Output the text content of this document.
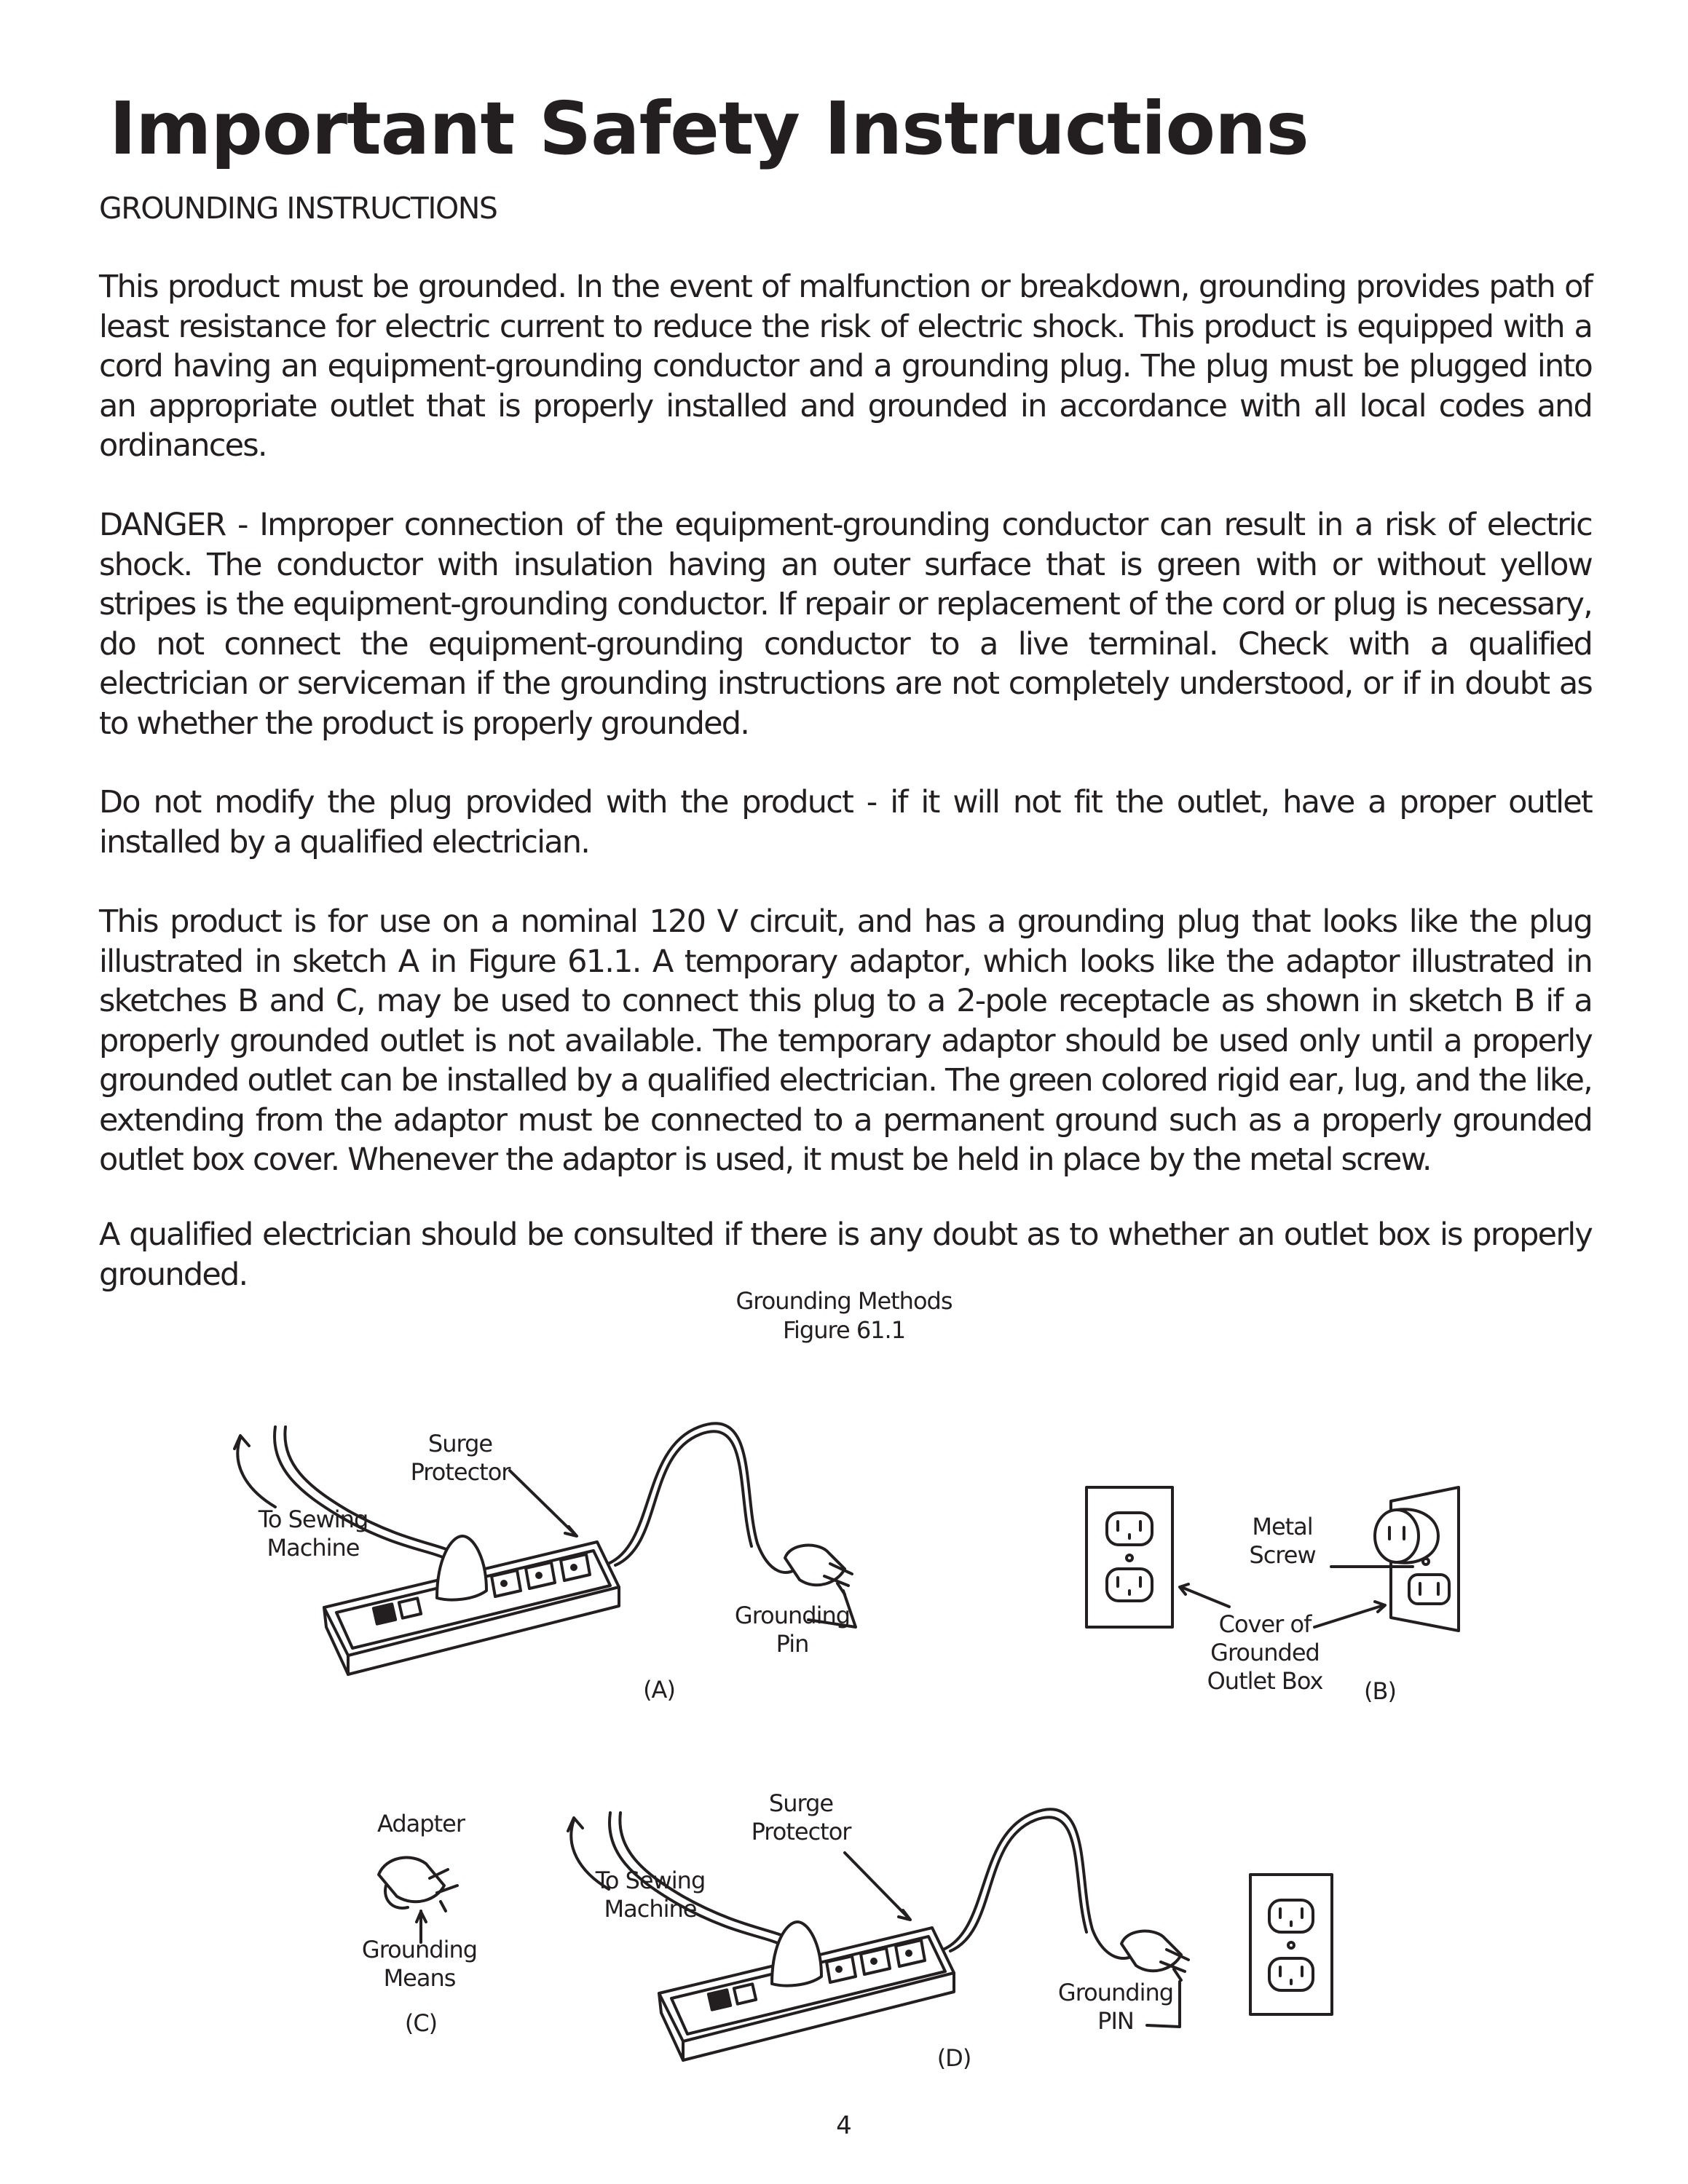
Important Safety Instructions
GROUNDING INSTRUCTIONS

This product must be grounded. In the event of malfunction or breakdown, grounding provides path of least resistance for electric current to reduce the risk of electric shock. This product is equipped with a cord having an equipment-grounding conductor and a grounding plug. The plug must be plugged into an appropriate outlet that is properly installed and grounded in accordance with all local codes and ordinances.

DANGER - Improper connection of the equipment-grounding conductor can result in a risk of electric shock. The conductor with insulation having an outer surface that is green with or without yellow stripes is the equipment-grounding conductor. If repair or replacement of the cord or plug is necessary, do not connect the equipment-grounding conductor to a live terminal. Check with a qualified electrician or serviceman if the grounding instructions are not completely understood, or if in doubt as to whether the product is properly grounded.

Do not modify the plug provided with the product - if it will not fit the outlet, have a proper outlet installed by a qualified electrician.

This product is for use on a nominal 120 V circuit, and has a grounding plug that looks like the plug illustrated in sketch A in Figure 61.1. A temporary adaptor, which looks like the adaptor illustrated in sketches B and C, may be used to connect this plug to a 2-pole receptacle as shown in sketch B if a properly grounded outlet is not available. The temporary adaptor should be used only until a properly grounded outlet can be installed by a qualified electrician. The green colored rigid ear, lug, and the like, extending from the adaptor must be connected to a permanent ground such as a properly grounded outlet box cover. Whenever the adaptor is used, it must be held in place by the metal screw.

A qualified electrician should be consulted if there is any doubt as to whether an outlet box is properly grounded.

Grounding Methods
Figure 61.1
Surge
Protector
To Sewing
Machine
Grounding
Pin
(A)
Metal
Screw
Cover of
Grounded
Outlet Box (B)
Adapter
Grounding
Means
(C)
Surge
Protector
To Sewing
Machine
Grounding
PIN
(D)
4
